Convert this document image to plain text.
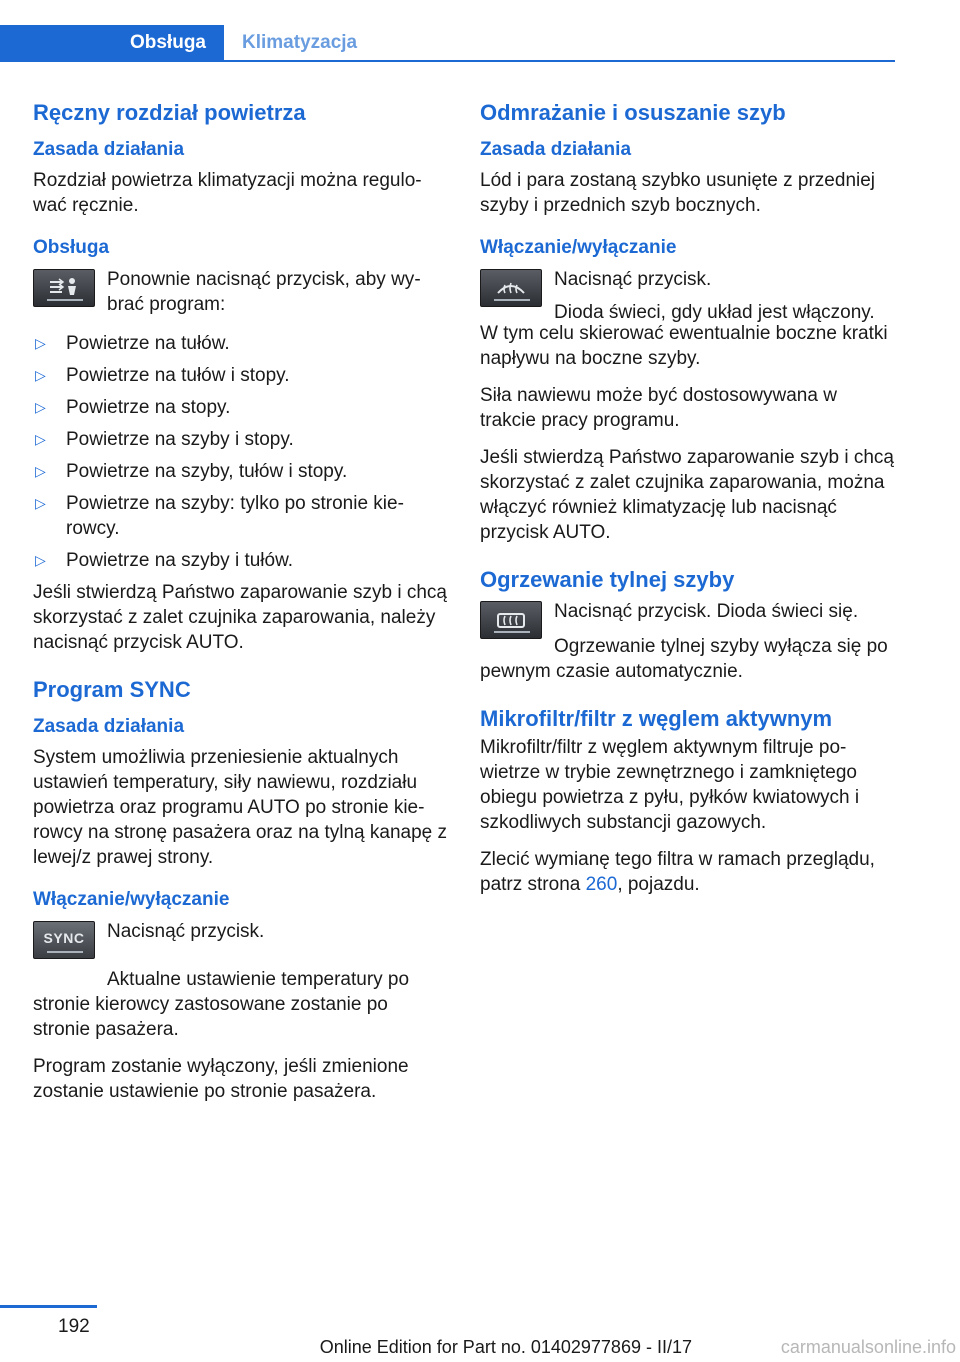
Obsługa	Klimatyzacja
Ręczny rozdział powietrza
Zasada działania
Rozdział powietrza klimatyzacji można regulować ręcznie.
Obsługa
Ponownie nacisnąć przycisk, aby wybrać program:
▷ Powietrze na tułów.
▷ Powietrze na tułów i stopy.
▷ Powietrze na stopy.
▷ Powietrze na szyby i stopy.
▷ Powietrze na szyby, tułów i stopy.
▷ Powietrze na szyby: tylko po stronie kierowcy.
▷ Powietrze na szyby i tułów.
Jeśli stwierdzą Państwo zaparowanie szyb i chcą skorzystać z zalet czujnika zaparowania, należy nacisnąć przycisk AUTO.
Program SYNC
Zasada działania
System umożliwia przeniesienie aktualnych ustawień temperatury, siły nawiewu, rozdziału powietrza oraz programu AUTO po stronie kierowcy na stronę pasażera oraz na tylną kanapę z lewej/z prawej strony.
Włączanie/wyłączanie
SYNC Nacisnąć przycisk.
Aktualne ustawienie temperatury po stronie kierowcy zastosowane zostanie po stronie pasażera.
Program zostanie wyłączony, jeśli zmienione zostanie ustawienie po stronie pasażera.
Odmrażanie i osuszanie szyb
Zasada działania
Lód i para zostaną szybko usunięte z przedniej szyby i przednich szyb bocznych.
Włączanie/wyłączanie
Nacisnąć przycisk.
Dioda świeci, gdy układ jest włączony.
W tym celu skierować ewentualnie boczne kratki napływu na boczne szyby.
Siła nawiewu może być dostosowywana w trakcie pracy programu.
Jeśli stwierdzą Państwo zaparowanie szyb i chcą skorzystać z zalet czujnika zaparowania, można włączyć również klimatyzację lub nacisnąć przycisk AUTO.
Ogrzewanie tylnej szyby
Nacisnąć przycisk. Dioda świeci się.
Ogrzewanie tylnej szyby wyłącza się po pewnym czasie automatycznie.
Mikrofiltr/filtr z węglem aktywnym
Mikrofiltr/filtr z węglem aktywnym filtruje powietrze w trybie zewnętrznego i zamkniętego obiegu powietrza z pyłu, pyłków kwiatowych i szkodliwych substancji gazowych.
Zlecić wymianę tego filtra w ramach przeglądu, patrz strona 260, pojazdu.
192
Online Edition for Part no. 01402977869 - II/17	carmanualsonline.info
